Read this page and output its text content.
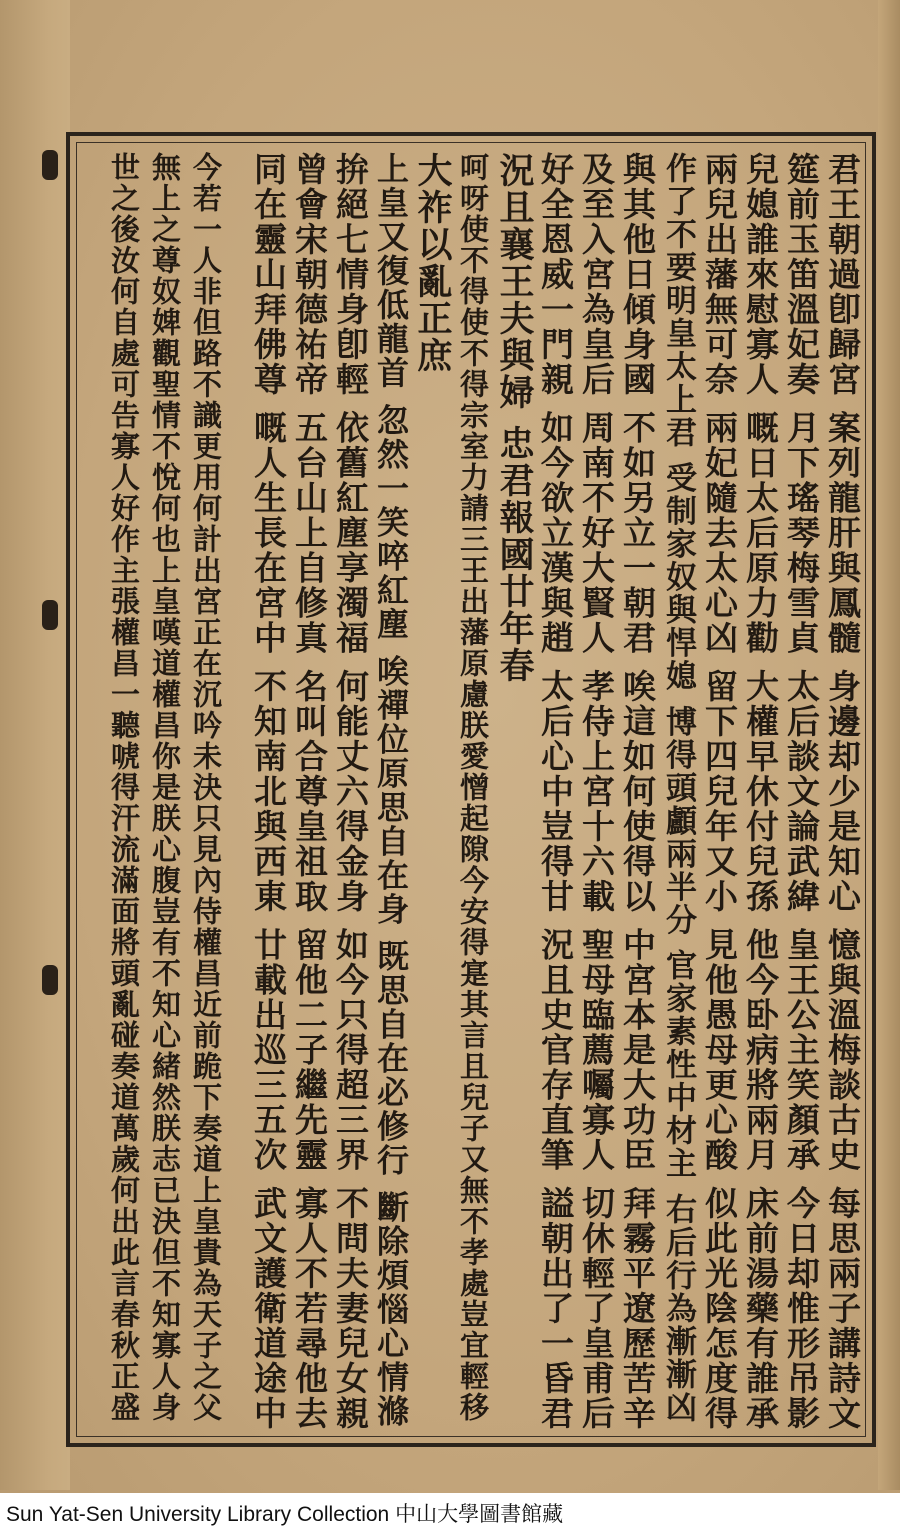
君王朝過卽歸宮 案列龍肝與鳳髓 身邊却少是知心 憶與溫梅談古史 每思兩子講詩文
筵前玉笛溫妃奏 月下瑤琴梅雪貞 太后談文論武緯 皇王公主笑顏承 今日却惟形吊影
兒媳誰來慰寡人 嘅日太后原力勸 大權早休付兒孫 他今卧病將兩月 床前湯藥有誰承
兩兒出藩無可奈 兩妃隨去太心凶 留下四兒年又小 見他愚母更心酸 似此光陰怎度得
作了不要明皇太上君 受制家奴與悍媳 博得頭顱兩半分 官家素性中材主 右后行為漸漸凶
與其他日傾身國 不如另立一朝君 唉這如何使得以 中宮本是大功臣 拜霧平遼歷苦辛
及至入宮為皇后 周南不好大賢人 孝侍上宮十六載 聖母臨薦囑寡人 切休輕了皇甫后
好全恩威一門親 如今欲立漢與趙 太后心中豈得甘 況且史官存直筆 謚朝出了一昏君
況且襄王夫與婦 忠君報國廿年春
呵呀使不得使不得宗室力請三王出藩原慮朕愛憎起隙今安得寔其言且兒子又無不孝處豈宜輕移
大祚以亂正庶
上皇又復低龍首 忽然一笑啐紅塵 唉禪位原思自在身 既思自在必修行 斷除煩惱心情滌
拚絕七情身卽輕 依舊紅塵享濁福 何能丈六得金身 如今只得超三界 不問夫妻兒女親
曾會宋朝德祐帝 五台山上自修真 名叫合尊皇祖取 留他二子繼先靈 寡人不若尋他去
同在靈山拜佛尊 嘅人生長在宮中 不知南北與西東 廿載出巡三五次 武文護衛道途中
今若一人非但路不識更用何計出宮正在沉吟未決只見內侍權昌近前跪下奏道上皇貴為天子之父
無上之尊奴婢觀聖情不悅何也上皇嘆道權昌你是朕心腹豈有不知心緒然朕志已決但不知寡人身
世之後汝何自處可告寡人好作主張權昌一聽唬得汗流滿面將頭亂碰奏道萬歲何出此言春秋正盛
Sun Yat-Sen University Library Collection 中山大學圖書館藏
